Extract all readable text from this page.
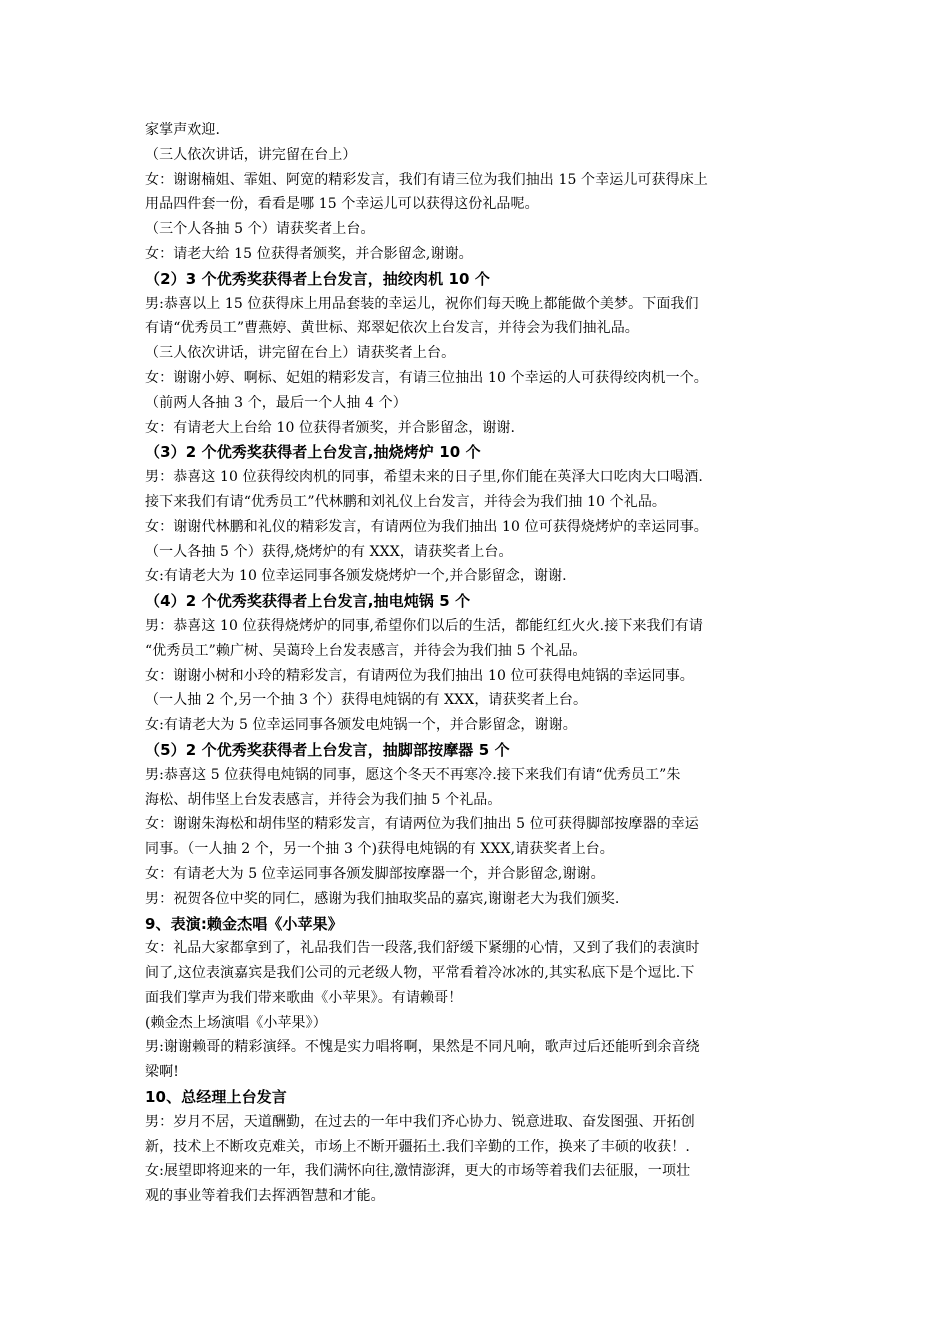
家掌声欢迎.
（三人依次讲话，讲完留在台上）
女：谢谢楠姐、霏姐、阿宽的精彩发言，我们有请三位为我们抽出 15 个幸运儿可获得床上
用品四件套一份，看看是哪 15 个幸运儿可以获得这份礼品呢。
（三个人各抽 5 个）请获奖者上台。
女：请老大给 15 位获得者颁奖，并合影留念,谢谢。
（2）3 个优秀奖获得者上台发言，抽绞肉机 10 个
男:恭喜以上 15 位获得床上用品套装的幸运儿，祝你们每天晚上都能做个美梦。下面我们
有请“优秀员工”曹燕婷、黄世标、郑翠妃依次上台发言，并待会为我们抽礼品。
（三人依次讲话，讲完留在台上）请获奖者上台。
女：谢谢小婷、啊标、妃姐的精彩发言，有请三位抽出 10 个幸运的人可获得绞肉机一个。
（前两人各抽 3 个，最后一个人抽 4 个）
女：有请老大上台给 10 位获得者颁奖，并合影留念，谢谢.
（3）2 个优秀奖获得者上台发言,抽烧烤炉 10 个
男：恭喜这 10 位获得绞肉机的同事，希望未来的日子里,你们能在英泽大口吃肉大口喝酒.
接下来我们有请“优秀员工”代林鹏和刘礼仪上台发言，并待会为我们抽 10 个礼品。
女：谢谢代林鹏和礼仪的精彩发言，有请两位为我们抽出 10 位可获得烧烤炉的幸运同事。
（一人各抽 5 个）获得,烧烤炉的有 XXX，请获奖者上台。
女:有请老大为 10 位幸运同事各颁发烧烤炉一个,并合影留念，谢谢.
（4）2 个优秀奖获得者上台发言,抽电炖锅 5 个
男：恭喜这 10 位获得烧烤炉的同事,希望你们以后的生活，都能红红火火.接下来我们有请
“优秀员工”赖广树、吴蔼玲上台发表感言，并待会为我们抽 5 个礼品。
女：谢谢小树和小玲的精彩发言，有请两位为我们抽出 10 位可获得电炖锅的幸运同事。
（一人抽 2 个,另一个抽 3 个）获得电炖锅的有 XXX，请获奖者上台。
女:有请老大为 5 位幸运同事各颁发电炖锅一个，并合影留念，谢谢。
（5）2 个优秀奖获得者上台发言，抽脚部按摩器 5 个
男:恭喜这 5 位获得电炖锅的同事，愿这个冬天不再寒冷.接下来我们有请“优秀员工”朱
海松、胡伟坚上台发表感言，并待会为我们抽 5 个礼品。
女：谢谢朱海松和胡伟坚的精彩发言，有请两位为我们抽出 5 位可获得脚部按摩器的幸运
同事。（一人抽 2 个，另一个抽 3 个)获得电炖锅的有 XXX,请获奖者上台。
女：有请老大为 5 位幸运同事各颁发脚部按摩器一个，并合影留念,谢谢。
男：祝贺各位中奖的同仁，感谢为我们抽取奖品的嘉宾,谢谢老大为我们颁奖.
9、表演:赖金杰唱《小苹果》
女：礼品大家都拿到了，礼品我们告一段落,我们舒缓下紧绷的心情，又到了我们的表演时
间了,这位表演嘉宾是我们公司的元老级人物，平常看着冷冰冰的,其实私底下是个逗比.下
面我们掌声为我们带来歌曲《小苹果》。有请赖哥！
(赖金杰上场演唱《小苹果》）
男:谢谢赖哥的精彩演绎。不愧是实力唱将啊，果然是不同凡响，歌声过后还能听到余音绕
梁啊!
10、总经理上台发言
男：岁月不居，天道酬勤，在过去的一年中我们齐心协力、锐意进取、奋发图强、开拓创
新，技术上不断攻克难关，市场上不断开疆拓土.我们辛勤的工作，换来了丰硕的收获！.
女:展望即将迎来的一年，我们满怀向往,激情澎湃，更大的市场等着我们去征服，一项壮
观的事业等着我们去挥洒智慧和才能。
